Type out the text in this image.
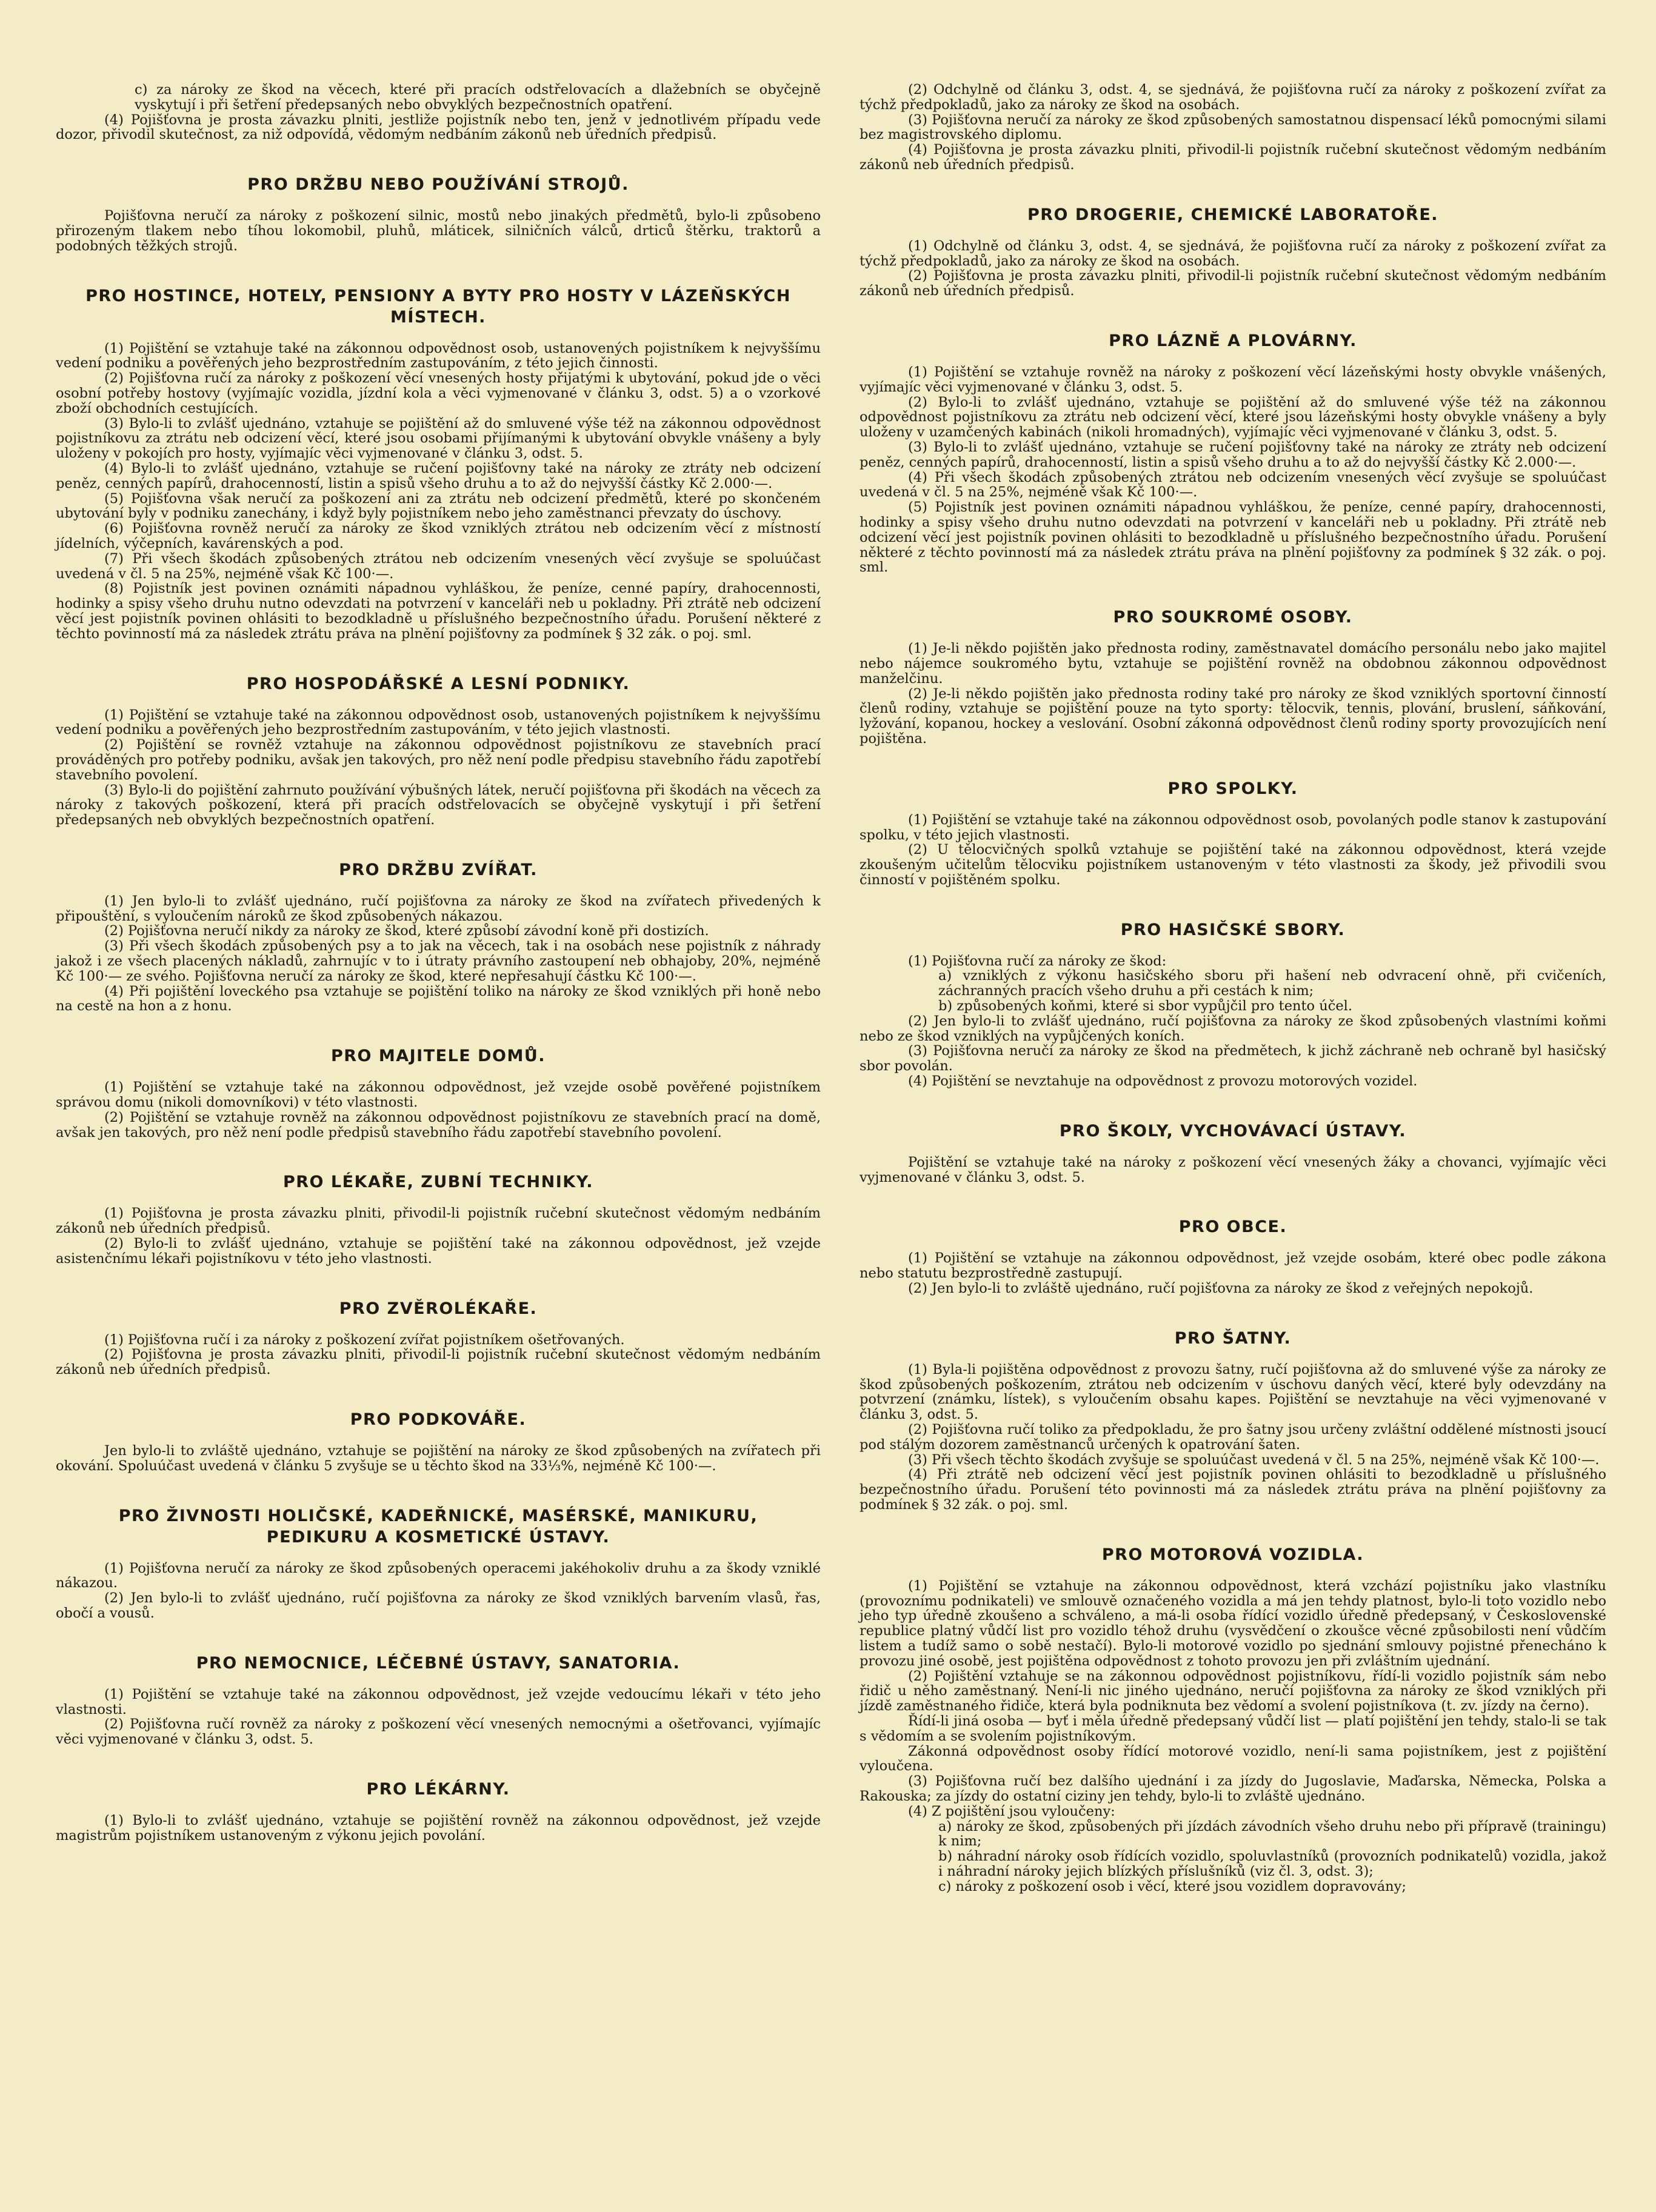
c) za nároky ze škod na věcech, které při pracích odstřelovacích a dlažebních se obyčejně vyskytují i při šetření předepsaných nebo obvyklých bezpečnostních opatření.

(4) Pojišťovna je prosta závazku plniti, jestliže pojistník nebo ten, jenž v jednotlivém případu vede dozor, přivodil skutečnost, za niž odpovídá, vědomým nedbáním zákonů neb úředních předpisů.

PRO DRŽBU NEBO POUŽÍVÁNÍ STROJŮ.

Pojišťovna neručí za nároky z poškození silnic, mostů nebo jinakých předmětů, bylo-li způsobeno přirozeným tlakem nebo tíhou lokomobil, pluhů, mláticek, silničních válců, drticů štěrku, traktorů a podobných těžkých strojů.

PRO HOSTINCE, HOTELY, PENSIONY A BYTY PRO HOSTY V LÁZEŇSKÝCH MÍSTECH.

(1) Pojištění se vztahuje také na zákonnou odpovědnost osob, ustanovených pojistníkem k nejvyššímu vedení podniku a pověřených jeho bezprostředním zastupováním, z této jejich činnosti.

(2) Pojišťovna ručí za nároky z poškození věcí vnesených hosty přijatými k ubytování, pokud jde o věci osobní potřeby hostovy (vyjímajíc vozidla, jízdní kola a věci vyjmenované v článku 3, odst. 5) a o vzorkové zboží obchodních cestujících.

(3) Bylo-li to zvlášť ujednáno, vztahuje se pojištění až do smluvené výše též na zákonnou odpovědnost pojistníkovu za ztrátu neb odcizení věcí, které jsou osobami přijímanými k ubytování obvykle vnášeny a byly uloženy v pokojích pro hosty, vyjímajíc věci vyjmenované v článku 3, odst. 5.

(4) Bylo-li to zvlášť ujednáno, vztahuje se ručení pojišťovny také na nároky ze ztráty neb odcizení peněz, cenných papírů, drahocenností, listin a spisů všeho druhu a to až do nejvyšší částky Kč 2.000·—.

(5) Pojišťovna však neručí za poškození ani za ztrátu neb odcizení předmětů, které po skončeném ubytování byly v podniku zanechány, i když byly pojistníkem nebo jeho zaměstnanci převzaty do úschovy.

(6) Pojišťovna rovněž neručí za nároky ze škod vzniklých ztrátou neb odcizením věcí z místností jídelních, výčepních, kavárenských a pod.

(7) Při všech škodách způsobených ztrátou neb odcizením vnesených věcí zvyšuje se spoluúčast uvedená v čl. 5 na 25%, nejméně však Kč 100·—.

(8) Pojistník jest povinen oznámiti nápadnou vyhláškou, že peníze, cenné papíry, drahocennosti, hodinky a spisy všeho druhu nutno odevzdati na potvrzení v kanceláři neb u pokladny. Při ztrátě neb odcizení věcí jest pojistník povinen ohlásiti to bezodkladně u příslušného bezpečnostního úřadu. Porušení některé z těchto povinností má za následek ztrátu práva na plnění pojišťovny za podmínek § 32 zák. o poj. sml.

PRO HOSPODÁŘSKÉ A LESNÍ PODNIKY.

(1) Pojištění se vztahuje také na zákonnou odpovědnost osob, ustanovených pojistníkem k nejvyššímu vedení podniku a pověřených jeho bezprostředním zastupováním, v této jejich vlastnosti.

(2) Pojištění se rovněž vztahuje na zákonnou odpovědnost pojistníkovu ze stavebních prací prováděných pro potřeby podniku, avšak jen takových, pro něž není podle předpisu stavebního řádu zapotřebí stavebního povolení.

(3) Bylo-li do pojištění zahrnuto používání výbušných látek, neručí pojišťovna při škodách na věcech za nároky z takových poškození, která při pracích odstřelovacích se obyčejně vyskytují i při šetření předepsaných neb obvyklých bezpečnostních opatření.

PRO DRŽBU ZVÍŘAT.

(1) Jen bylo-li to zvlášť ujednáno, ručí pojišťovna za nároky ze škod na zvířatech přivedených k připouštění, s vyloučením nároků ze škod způsobených nákazou.

(2) Pojišťovna neručí nikdy za nároky ze škod, které způsobí závodní koně při dostizích.

(3) Při všech škodách způsobených psy a to jak na věcech, tak i na osobách nese pojistník z náhrady jakož i ze všech placených nákladů, zahrnujíc v to i útraty právního zastoupení neb obhajoby, 20%, nejméně Kč 100·— ze svého. Pojišťovna neručí za nároky ze škod, které nepřesahují částku Kč 100·—.

(4) Při pojištění loveckého psa vztahuje se pojištění toliko na nároky ze škod vzniklých při honě nebo na cestě na hon a z honu.

PRO MAJITELE DOMŮ.

(1) Pojištění se vztahuje také na zákonnou odpovědnost, jež vzejde osobě pověřené pojistníkem správou domu (nikoli domovníkovi) v této vlastnosti.

(2) Pojištění se vztahuje rovněž na zákonnou odpovědnost pojistníkovu ze stavebních prací na domě, avšak jen takových, pro něž není podle předpisů stavebního řádu zapotřebí stavebního povolení.

PRO LÉKAŘE, ZUBNÍ TECHNIKY.

(1) Pojišťovna je prosta závazku plniti, přivodil-li pojistník ručební skutečnost vědomým nedbáním zákonů neb úředních předpisů.

(2) Bylo-li to zvlášť ujednáno, vztahuje se pojištění také na zákonnou odpovědnost, jež vzejde asistenčnímu lékaři pojistníkovu v této jeho vlastnosti.

PRO ZVĚROLÉKAŘE.

(1) Pojišťovna ručí i za nároky z poškození zvířat pojistníkem ošetřovaných.

(2) Pojišťovna je prosta závazku plniti, přivodil-li pojistník ručební skutečnost vědomým nedbáním zákonů neb úředních předpisů.

PRO PODKOVÁŘE.

Jen bylo-li to zvláště ujednáno, vztahuje se pojištění na nároky ze škod způsobených na zvířatech při okování. Spoluúčast uvedená v článku 5 zvyšuje se u těchto škod na 33⅓%, nejméně Kč 100·—.

PRO ŽIVNOSTI HOLIČSKÉ, KADEŘNICKÉ, MASÉRSKÉ, MANIKURU, PEDIKURU A KOSMETICKÉ ÚSTAVY.

(1) Pojišťovna neručí za nároky ze škod způsobených operacemi jakéhokoliv druhu a za škody vzniklé nákazou.

(2) Jen bylo-li to zvlášť ujednáno, ručí pojišťovna za nároky ze škod vzniklých barvením vlasů, řas, obočí a vousů.

PRO NEMOCNICE, LÉČEBNÉ ÚSTAVY, SANATORIA.

(1) Pojištění se vztahuje také na zákonnou odpovědnost, jež vzejde vedoucímu lékaři v této jeho vlastnosti.

(2) Pojišťovna ručí rovněž za nároky z poškození věcí vnesených nemocnými a ošetřovanci, vyjímajíc věci vyjmenované v článku 3, odst. 5.

PRO LÉKÁRNY.

(1) Bylo-li to zvlášť ujednáno, vztahuje se pojištění rovněž na zákonnou odpovědnost, jež vzejde magistrům pojistníkem ustanoveným z výkonu jejich povolání.

(2) Odchylně od článku 3, odst. 4, se sjednává, že pojišťovna ručí za nároky z poškození zvířat za týchž předpokladů, jako za nároky ze škod na osobách.

(3) Pojišťovna neručí za nároky ze škod způsobených samostatnou dispensací léků pomocnými silami bez magistrovského diplomu.

(4) Pojišťovna je prosta závazku plniti, přivodil-li pojistník ručební skutečnost vědomým nedbáním zákonů neb úředních předpisů.

PRO DROGERIE, CHEMICKÉ LABORATOŘE.

(1) Odchylně od článku 3, odst. 4, se sjednává, že pojišťovna ručí za nároky z poškození zvířat za týchž předpokladů, jako za nároky ze škod na osobách.

(2) Pojišťovna je prosta závazku plniti, přivodil-li pojistník ručební skutečnost vědomým nedbáním zákonů neb úředních předpisů.

PRO LÁZNĚ A PLOVÁRNY.

(1) Pojištění se vztahuje rovněž na nároky z poškození věcí lázeňskými hosty obvykle vnášených, vyjímajíc věci vyjmenované v článku 3, odst. 5.

(2) Bylo-li to zvlášť ujednáno, vztahuje se pojištění až do smluvené výše též na zákonnou odpovědnost pojistníkovu za ztrátu neb odcizení věcí, které jsou lázeňskými hosty obvykle vnášeny a byly uloženy v uzamčených kabinách (nikoli hromadných), vyjímajíc věci vyjmenované v článku 3, odst. 5.

(3) Bylo-li to zvlášť ujednáno, vztahuje se ručení pojišťovny také na nároky ze ztráty neb odcizení peněz, cenných papírů, drahocenností, listin a spisů všeho druhu a to až do nejvyšší částky Kč 2.000·—.

(4) Při všech škodách způsobených ztrátou neb odcizením vnesených věcí zvyšuje se spoluúčast uvedená v čl. 5 na 25%, nejméně však Kč 100·—.

(5) Pojistník jest povinen oznámiti nápadnou vyhláškou, že peníze, cenné papíry, drahocennosti, hodinky a spisy všeho druhu nutno odevzdati na potvrzení v kanceláři neb u pokladny. Při ztrátě neb odcizení věcí jest pojistník povinen ohlásiti to bezodkladně u příslušného bezpečnostního úřadu. Porušení některé z těchto povinností má za následek ztrátu práva na plnění pojišťovny za podmínek § 32 zák. o poj. sml.

PRO SOUKROMÉ OSOBY.

(1) Je-li někdo pojištěn jako přednosta rodiny, zaměstnavatel domácího personálu nebo jako majitel nebo nájemce soukromého bytu, vztahuje se pojištění rovněž na obdobnou zákonnou odpovědnost manželčinu.

(2) Je-li někdo pojištěn jako přednosta rodiny také pro nároky ze škod vzniklých sportovní činností členů rodiny, vztahuje se pojištění pouze na tyto sporty: tělocvik, tennis, plování, bruslení, sáňkování, lyžování, kopanou, hockey a veslování. Osobní zákonná odpovědnost členů rodiny sporty provozujících není pojištěna.

PRO SPOLKY.

(1) Pojištění se vztahuje také na zákonnou odpovědnost osob, povolaných podle stanov k zastupování spolku, v této jejich vlastnosti.

(2) U tělocvičných spolků vztahuje se pojištění také na zákonnou odpovědnost, která vzejde zkoušeným učitelům tělocviku pojistníkem ustanoveným v této vlastnosti za škody, jež přivodili svou činností v pojištěném spolku.

PRO HASIČSKÉ SBORY.

(1) Pojišťovna ručí za nároky ze škod:

a) vzniklých z výkonu hasičského sboru při hašení neb odvracení ohně, při cvičeních, záchranných pracích všeho druhu a při cestách k nim;

b) způsobených koňmi, které si sbor vypůjčil pro tento účel.

(2) Jen bylo-li to zvlášť ujednáno, ručí pojišťovna za nároky ze škod způsobených vlastními koňmi nebo ze škod vzniklých na vypůjčených koních.

(3) Pojišťovna neručí za nároky ze škod na předmětech, k jichž záchraně neb ochraně byl hasičský sbor povolán.

(4) Pojištění se nevztahuje na odpovědnost z provozu motorových vozidel.

PRO ŠKOLY, VYCHOVÁVACÍ ÚSTAVY.

Pojištění se vztahuje také na nároky z poškození věcí vnesených žáky a chovanci, vyjímajíc věci vyjmenované v článku 3, odst. 5.

PRO OBCE.

(1) Pojištění se vztahuje na zákonnou odpovědnost, jež vzejde osobám, které obec podle zákona nebo statutu bezprostředně zastupují.

(2) Jen bylo-li to zvláště ujednáno, ručí pojišťovna za nároky ze škod z veřejných nepokojů.

PRO ŠATNY.

(1) Byla-li pojištěna odpovědnost z provozu šatny, ručí pojišťovna až do smluvené výše za nároky ze škod způsobených poškozením, ztrátou neb odcizením v úschovu daných věcí, které byly odevzdány na potvrzení (známku, lístek), s vyloučením obsahu kapes. Pojištění se nevztahuje na věci vyjmenované v článku 3, odst. 5.

(2) Pojišťovna ručí toliko za předpokladu, že pro šatny jsou určeny zvláštní oddělené místnosti jsoucí pod stálým dozorem zaměstnanců určených k opatrování šaten.

(3) Při všech těchto škodách zvyšuje se spoluúčast uvedená v čl. 5 na 25%, nejméně však Kč 100·—.

(4) Při ztrátě neb odcizení věcí jest pojistník povinen ohlásiti to bezodkladně u příslušného bezpečnostního úřadu. Porušení této povinnosti má za následek ztrátu práva na plnění pojišťovny za podmínek § 32 zák. o poj. sml.

PRO MOTOROVÁ VOZIDLA.

(1) Pojištění se vztahuje na zákonnou odpovědnost, která vzchází pojistníku jako vlastníku (provoznímu podnikateli) ve smlouvě označeného vozidla a má jen tehdy platnost, bylo-li toto vozidlo nebo jeho typ úředně zkoušeno a schváleno, a má-li osoba řídící vozidlo úředně předepsaný, v Československé republice platný vůdčí list pro vozidlo téhož druhu (vysvědčení o zkoušce věcné způsobilosti není vůdčím listem a tudíž samo o sobě nestačí). Bylo-li motorové vozidlo po sjednání smlouvy pojistné přenecháno k provozu jiné osobě, jest pojištěna odpovědnost z tohoto provozu jen při zvláštním ujednání.

(2) Pojištění vztahuje se na zákonnou odpovědnost pojistníkovu, řídí-li vozidlo pojistník sám nebo řidič u něho zaměstnaný. Není-li nic jiného ujednáno, neručí pojišťovna za nároky ze škod vzniklých při jízdě zaměstnaného řidiče, která byla podniknuta bez vědomí a svolení pojistníkova (t. zv. jízdy na černo).

Řídí-li jiná osoba — byť i měla úředně předepsaný vůdčí list — platí pojištění jen tehdy, stalo-li se tak s vědomím a se svolením pojistníkovým.

Zákonná odpovědnost osoby řídící motorové vozidlo, není-li sama pojistníkem, jest z pojištění vyloučena.

(3) Pojišťovna ručí bez dalšího ujednání i za jízdy do Jugoslavie, Maďarska, Německa, Polska a Rakouska; za jízdy do ostatní ciziny jen tehdy, bylo-li to zvláště ujednáno.

(4) Z pojištění jsou vyloučeny:

a) nároky ze škod, způsobených při jízdách závodních všeho druhu nebo při přípravě (trainingu) k nim;

b) náhradní nároky osob řídících vozidlo, spoluvlastníků (provozních podnikatelů) vozidla, jakož i náhradní nároky jejich blízkých příslušníků (viz čl. 3, odst. 3);

c) nároky z poškození osob i věcí, které jsou vozidlem dopravovány;
